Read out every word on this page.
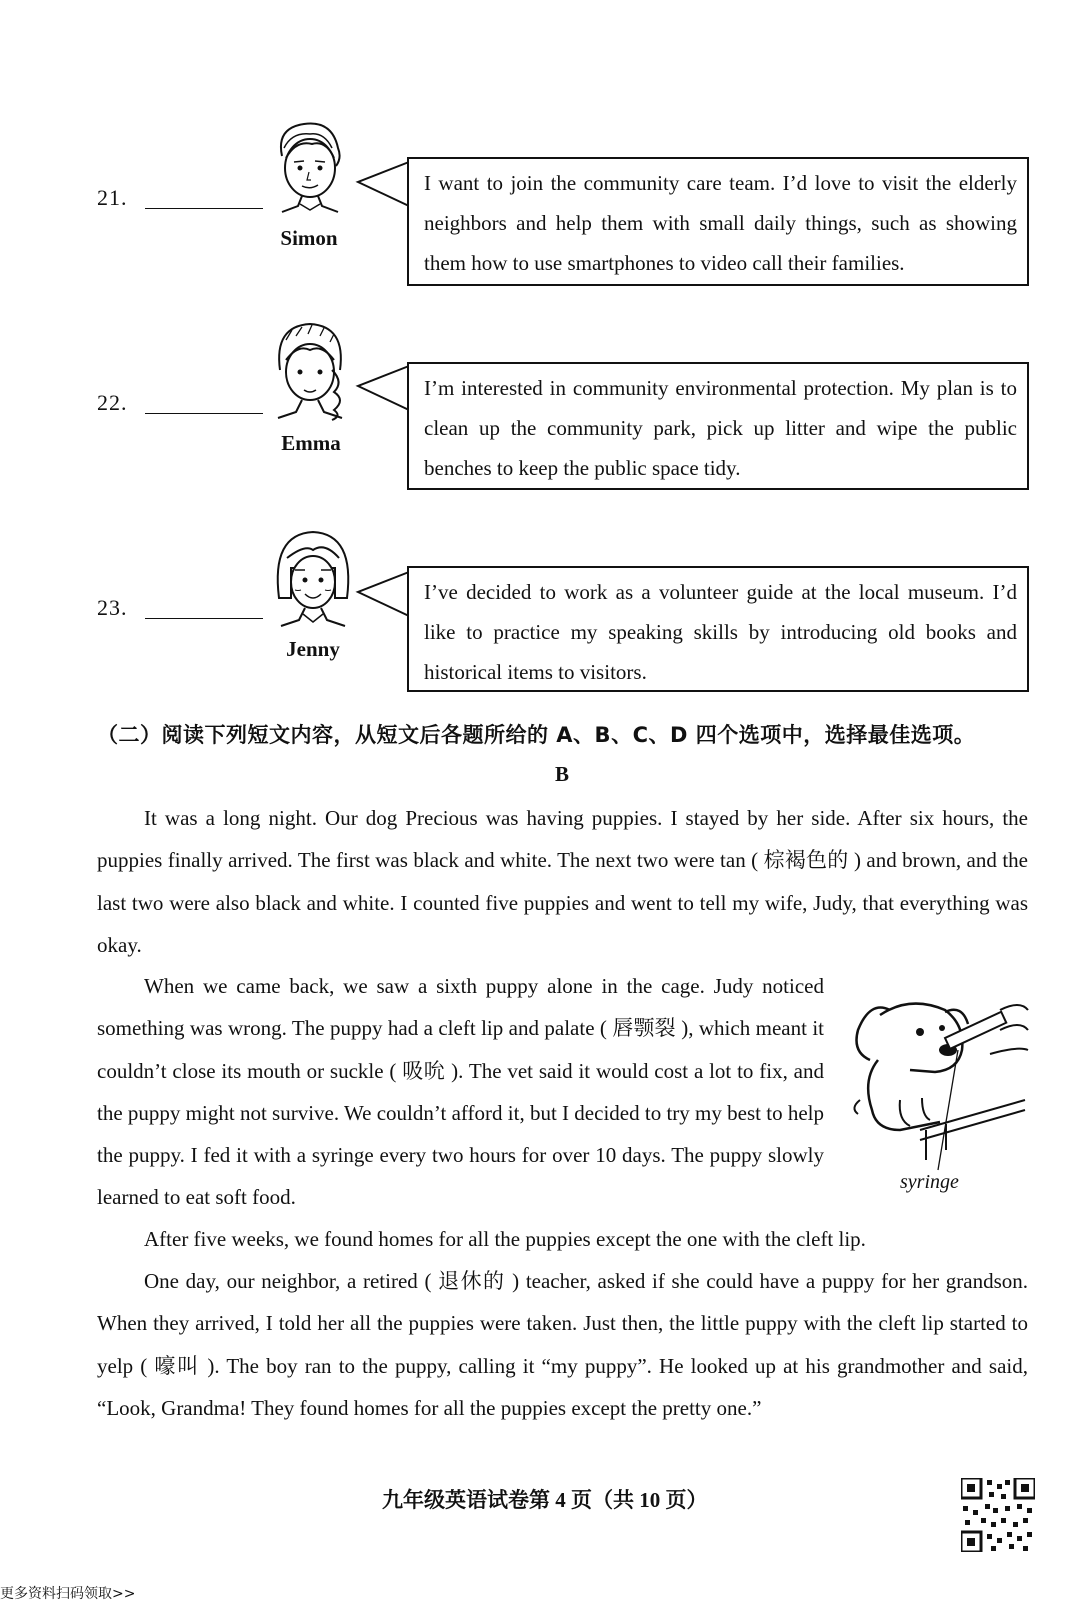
21.
Simon
I want to join the community care team. I’d love to visit the elderly neighbors and help them with small daily things, such as showing them how to use smartphones to video call their families.
22.
Emma
I’m interested in community environmental protection. My plan is to clean up the community park, pick up litter and wipe the public benches to keep the public space tidy.
23.
Jenny
I’ve decided to work as a volunteer guide at the local museum. I’d like to practice my speaking skills by introducing old books and historical items to visitors.
（二）阅读下列短文内容，从短文后各题所给的 A、B、C、D 四个选项中，选择最佳选项。
B

It was a long night. Our dog Precious was having puppies. I stayed by her side. After six hours, the puppies finally arrived. The first was black and white. The next two were tan ( 棕褐色的 ) and brown, and the last two were also black and white. I counted five puppies and went to tell my wife, Judy, that everything was okay.

When we came back, we saw a sixth puppy alone in the cage. Judy noticed something was wrong. The puppy had a cleft lip and palate ( 唇颚裂 ), which meant it couldn’t close its mouth or suckle ( 吸吮 ). The vet said it would cost a lot to fix, and the puppy might not survive. We couldn’t afford it, but I decided to try my best to help the puppy. I fed it with a syringe every two hours for over 10 days. The puppy slowly learned to eat soft food.

syringe

After five weeks, we found homes for all the puppies except the one with the cleft lip.

One day, our neighbor, a retired ( 退休的 ) teacher, asked if she could have a puppy for her grandson. When they arrived, I told her all the puppies were taken. Just then, the little puppy with the cleft lip started to yelp ( 嚎叫 ). The boy ran to the puppy, calling it “my puppy”. He looked up at his grandmother and said, “Look, Grandma! They found homes for all the puppies except the pretty one.”

九年级英语试卷第 4 页（共 10 页）
更多资料扫码领取>>
